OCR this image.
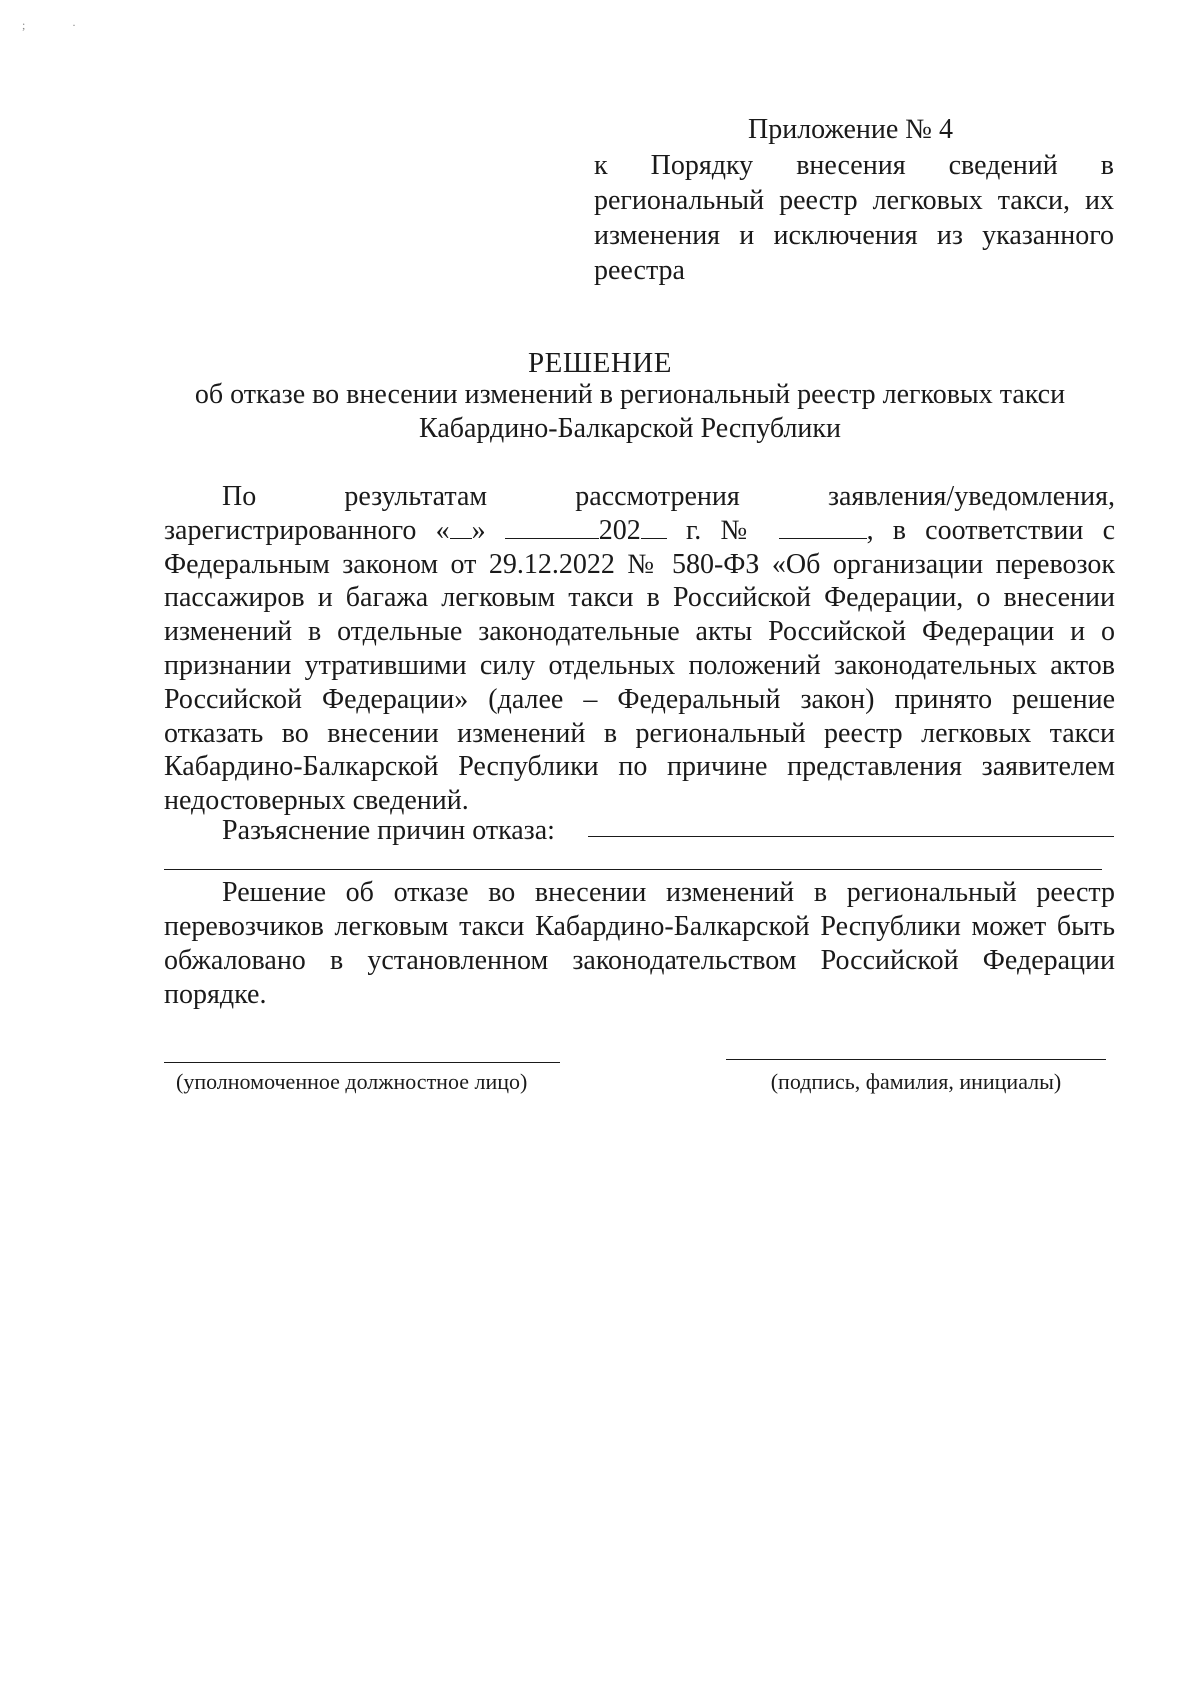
;	·
Приложение № 4
к Порядку внесения сведений в региональный реестр легковых такси, их изменения и исключения из указанного реестра
РЕШЕНИЕ
об отказе во внесении изменений в региональный реестр легковых такси Кабардино-Балкарской Республики

По результатам рассмотрения заявления/уведомления, зарегистрированного « »	202 г. №	, в соответствии с Федеральным законом от 29.12.2022 № 580-ФЗ «Об организации перевозок пассажиров и багажа легковым такси в Российской Федерации, о внесении изменений в отдельные законодательные акты Российской Федерации и о признании утратившими силу отдельных положений законодательных актов Российской Федерации» (далее – Федеральный закон) принято решение отказать во внесении изменений в региональный реестр легковых такси Кабардино-Балкарской Республики по причине представления заявителем недостоверных сведений.

Разъяснение причин отказа:

Решение об отказе во внесении изменений в региональный реестр перевозчиков легковым такси Кабардино-Балкарской Республики может быть обжаловано в установленном законодательством Российской Федерации порядке.

(уполномоченное должностное лицо)	(подпись, фамилия, инициалы)
